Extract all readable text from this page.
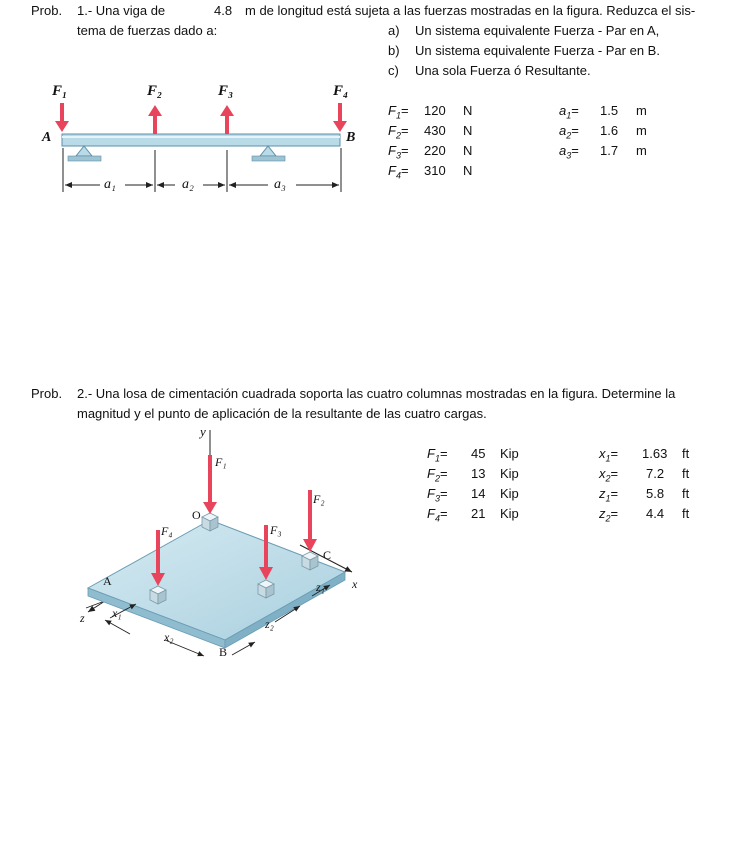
Prob. 1.- Una viga de	4.8 m de longitud está sujeta a las fuerzas mostradas en la figura. Reduzca el sis-
tema de fuerzas dado a:	a) Un sistema equivalente Fuerza - Par en A,
b) Un sistema equivalente Fuerza - Par en B.
c) Una sola Fuerza ó Resultante.
$F_1= 120$ N
$F_2= 430$ N
$F_3= 220$ N
$F_4= 310$ N
$a_1= 1.5$ m
$a_2= 1.6$ m
$a_3= 1.7$ m
F₁	F₂	F₃	F₄
A	B
a₁	a₂	a₃
Prob. 2.- Una losa de cimentación cuadrada soporta las cuatro columnas mostradas en la figura. Determine la
magnitud y el punto de aplicación de la resultante de las cuatro cargas.
$F_1= 45$ Kip
$F_2= 13$ Kip
$F_3= 14$ Kip
$F_4= 21$ Kip
$x_1= 1.63$ ft
$x_2= 7.2$ ft
$z_1= 5.8$ ft
$z_2= 4.4$ ft
y
x
z
O
F₁
F₂
F₃
F₄
A
B
C
x₁
x₂
z₁
z₂
